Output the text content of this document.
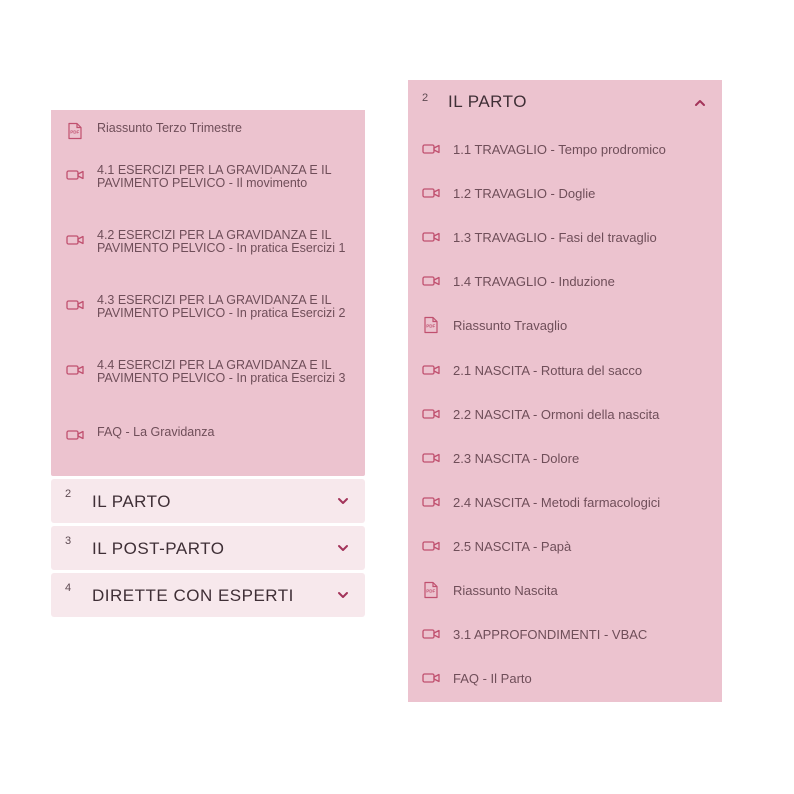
PDF Riassunto Terzo Trimestre
4.1 ESERCIZI PER LA GRAVIDANZA E IL PAVIMENTO PELVICO - Il movimento
4.2 ESERCIZI PER LA GRAVIDANZA E IL PAVIMENTO PELVICO - In pratica Esercizi 1
4.3 ESERCIZI PER LA GRAVIDANZA E IL PAVIMENTO PELVICO - In pratica Esercizi 2
4.4 ESERCIZI PER LA GRAVIDANZA E IL PAVIMENTO PELVICO - In pratica Esercizi 3
FAQ - La Gravidanza
2 IL PARTO
3 IL POST-PARTO
4 DIRETTE CON ESPERTI
2 IL PARTO
1.1 TRAVAGLIO - Tempo prodromico
1.2 TRAVAGLIO - Doglie
1.3 TRAVAGLIO - Fasi del travaglio
1.4 TRAVAGLIO - Induzione
PDF Riassunto Travaglio
2.1 NASCITA - Rottura del sacco
2.2 NASCITA - Ormoni della nascita
2.3 NASCITA - Dolore
2.4 NASCITA - Metodi farmacologici
2.5 NASCITA - Papà
PDF Riassunto Nascita
3.1 APPROFONDIMENTI - VBAC
FAQ - Il Parto
